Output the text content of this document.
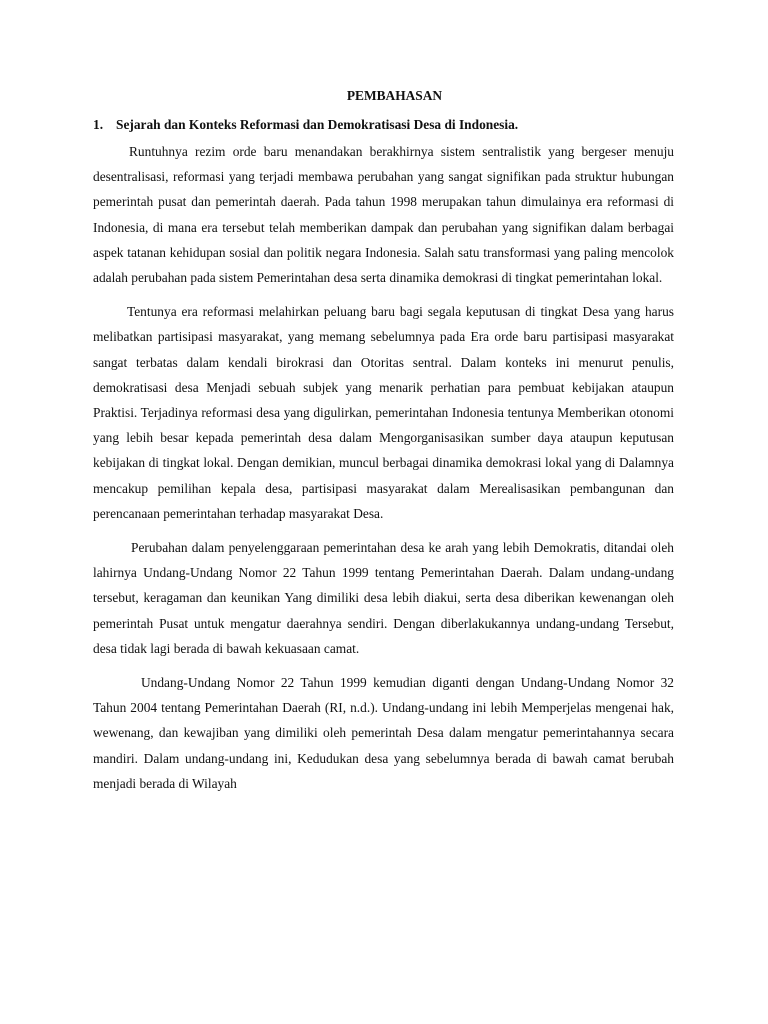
PEMBAHASAN
1. Sejarah dan Konteks Reformasi dan Demokratisasi Desa di Indonesia.

Runtuhnya rezim orde baru menandakan berakhirnya sistem sentralistik yang bergeser menuju desentralisasi, reformasi yang terjadi membawa perubahan yang sangat signifikan pada struktur hubungan pemerintah pusat dan pemerintah daerah. Pada tahun 1998 merupakan tahun dimulainya era reformasi di Indonesia, di mana era tersebut telah memberikan dampak dan perubahan yang signifikan dalam berbagai aspek tatanan kehidupan sosial dan politik negara Indonesia. Salah satu transformasi yang paling mencolok adalah perubahan pada sistem Pemerintahan desa serta dinamika demokrasi di tingkat pemerintahan lokal.

Tentunya era reformasi melahirkan peluang baru bagi segala keputusan di tingkat Desa yang harus melibatkan partisipasi masyarakat, yang memang sebelumnya pada Era orde baru partisipasi masyarakat sangat terbatas dalam kendali birokrasi dan Otoritas sentral. Dalam konteks ini menurut penulis, demokratisasi desa Menjadi sebuah subjek yang menarik perhatian para pembuat kebijakan ataupun Praktisi. Terjadinya reformasi desa yang digulirkan, pemerintahan Indonesia tentunya Memberikan otonomi yang lebih besar kepada pemerintah desa dalam Mengorganisasikan sumber daya ataupun keputusan kebijakan di tingkat lokal. Dengan demikian, muncul berbagai dinamika demokrasi lokal yang di Dalamnya mencakup pemilihan kepala desa, partisipasi masyarakat dalam Merealisasikan pembangunan dan perencanaan pemerintahan terhadap masyarakat Desa.

Perubahan dalam penyelenggaraan pemerintahan desa ke arah yang lebih Demokratis, ditandai oleh lahirnya Undang-Undang Nomor 22 Tahun 1999 tentang Pemerintahan Daerah. Dalam undang-undang tersebut, keragaman dan keunikan Yang dimiliki desa lebih diakui, serta desa diberikan kewenangan oleh pemerintah Pusat untuk mengatur daerahnya sendiri. Dengan diberlakukannya undang-undang Tersebut, desa tidak lagi berada di bawah kekuasaan camat.

Undang-Undang Nomor 22 Tahun 1999 kemudian diganti dengan Undang-Undang Nomor 32 Tahun 2004 tentang Pemerintahan Daerah (RI, n.d.). Undang-undang ini lebih Memperjelas mengenai hak, wewenang, dan kewajiban yang dimiliki oleh pemerintah Desa dalam mengatur pemerintahannya secara mandiri. Dalam undang-undang ini, Kedudukan desa yang sebelumnya berada di bawah camat berubah menjadi berada di Wilayah
